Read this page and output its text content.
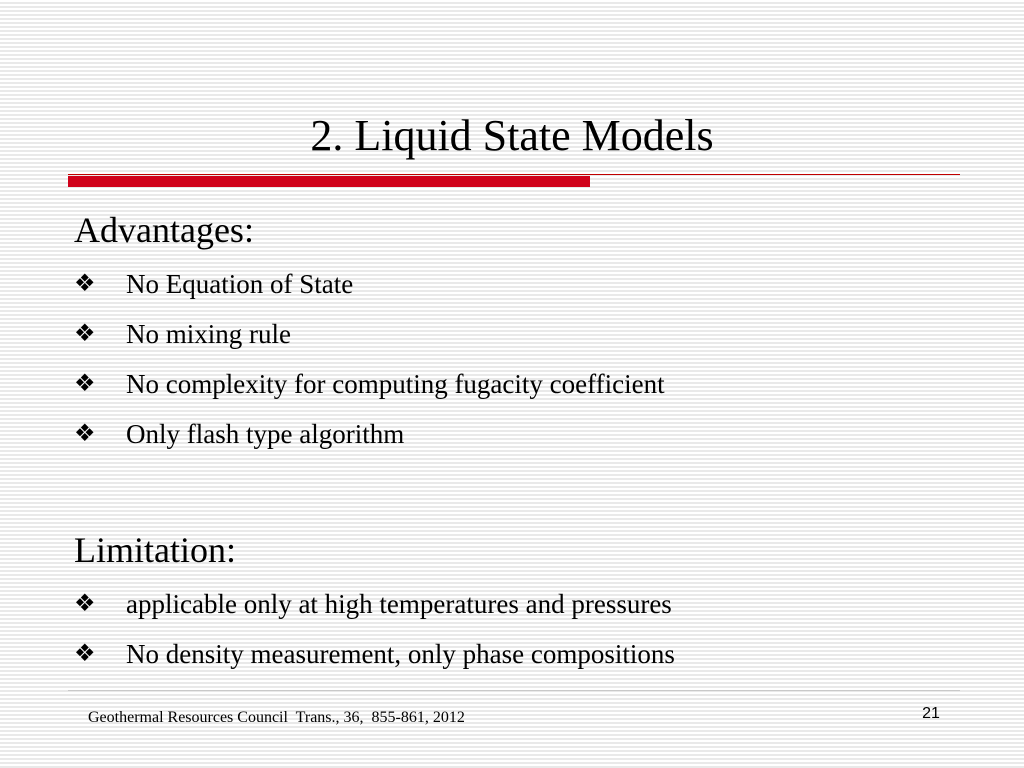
2. Liquid State Models
Advantages:
❖	No Equation of State
❖	No mixing rule
❖	No complexity for computing fugacity coefficient
❖	Only flash type algorithm
Limitation:
❖	applicable only at high temperatures and pressures
❖	No density measurement, only phase compositions
Geothermal Resources Council  Trans., 36,  855-861, 2012	21
